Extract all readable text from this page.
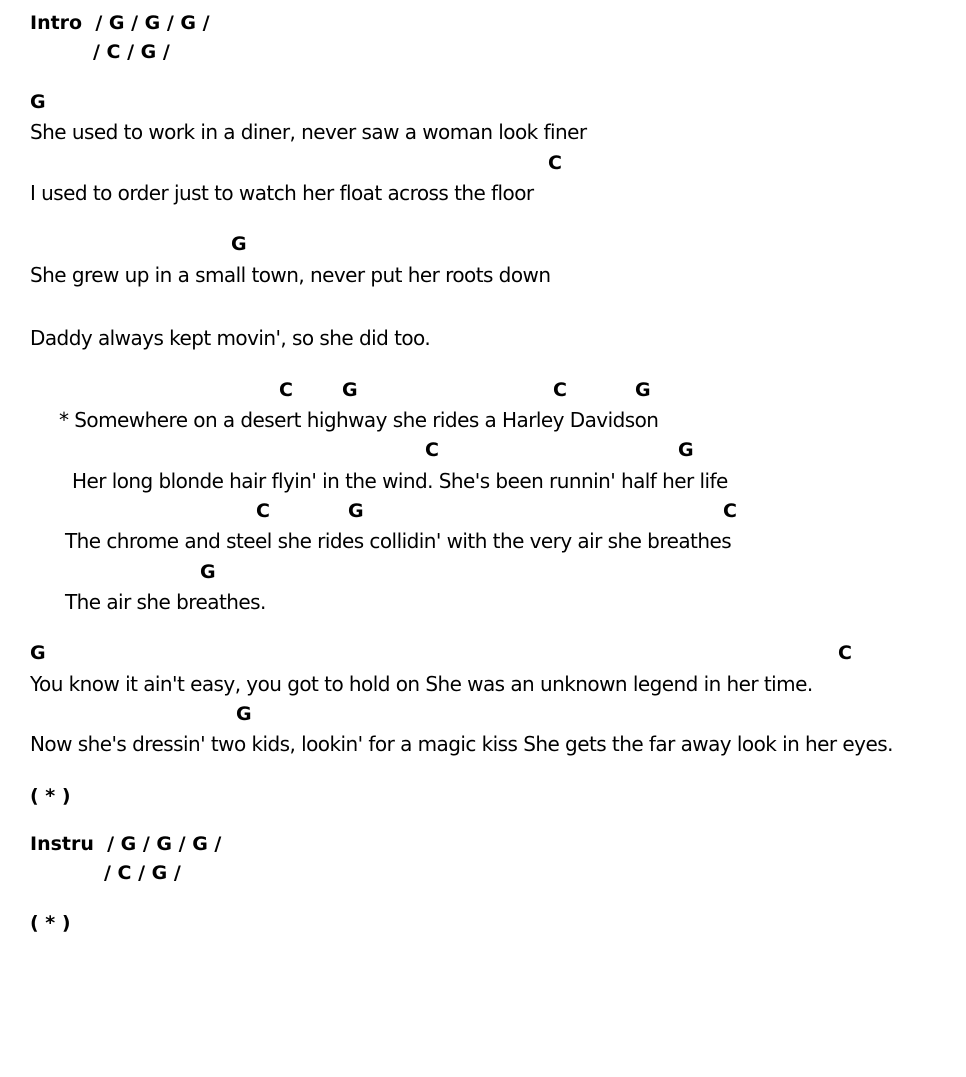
Intro  / G / G / G /
/ C / G /
G
She used to work in a diner, never saw a woman look finer
C
I used to order just to watch her float across the floor
G
She grew up in a small town, never put her roots down
Daddy always kept movin', so she did too.
C	G	C	G
* Somewhere on a desert highway she rides a Harley Davidson
C	G
Her long blonde hair flyin' in the wind. She's been runnin' half her life
C	G	C
The chrome and steel she rides collidin' with the very air she breathes
G
The air she breathes.
G	C
You know it ain't easy, you got to hold on She was an unknown legend in her time.
G
Now she's dressin' two kids, lookin' for a magic kiss She gets the far away look in her eyes.
( * )
Instru  / G / G / G /
/ C / G /
( * )
